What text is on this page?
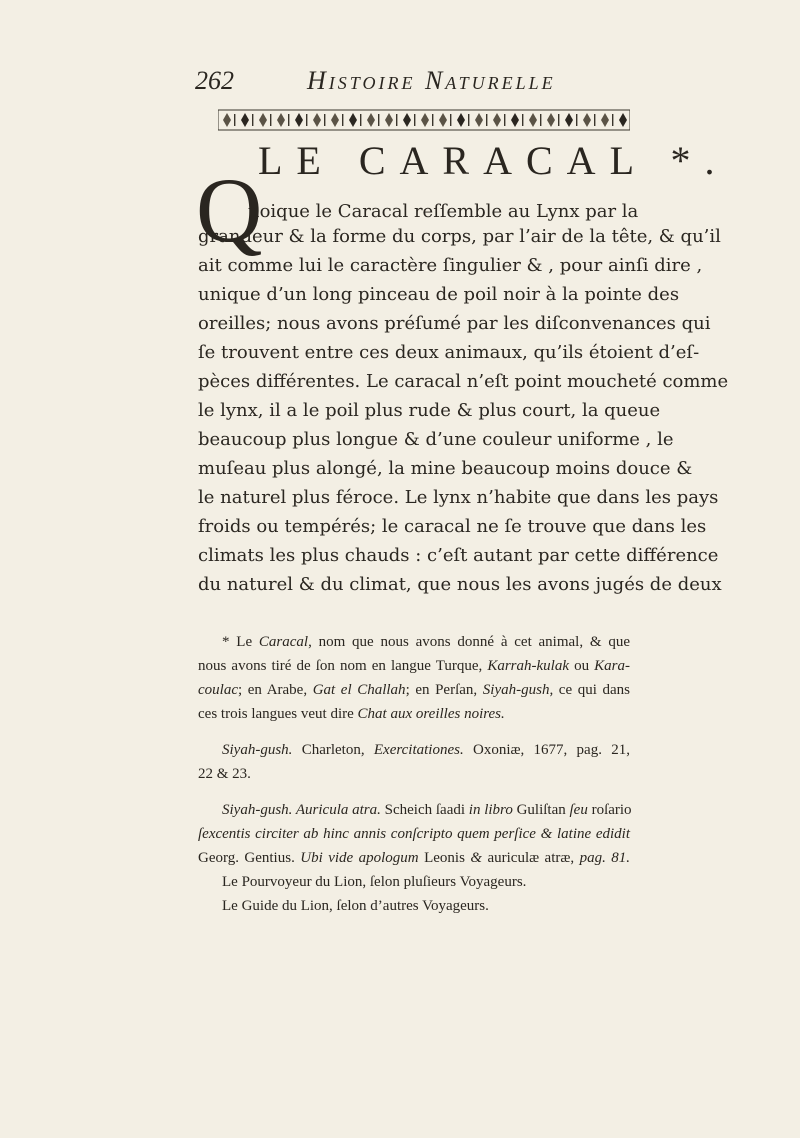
262	Histoire Naturelle
LE CARACAL *.
Q
uoique le Caracal reſſemble au Lynx par la
grandeur & la forme du corps, par l’air de la tête, & qu’il
ait comme lui le caractère ſingulier & , pour ainſi dire ,
unique d’un long pinceau de poil noir à la pointe des
oreilles; nous avons préſumé par les diſconvenances qui
ſe trouvent entre ces deux animaux, qu’ils étoient d’eſ-
pèces différentes. Le caracal n’eſt point moucheté comme
le lynx, il a le poil plus rude & plus court, la queue
beaucoup plus longue & d’une couleur uniforme , le
muſeau plus alongé, la mine beaucoup moins douce &
le naturel plus féroce. Le lynx n’habite que dans les pays
froids ou tempérés; le caracal ne ſe trouve que dans les
climats les plus chauds : c’eſt autant par cette différence
du naturel & du climat, que nous les avons jugés de deux
* Le Caracal, nom que nous avons donné à cet animal, & que
nous avons tiré de ſon nom en langue Turque, Karrah-kulak ou Kara-
coulac; en Arabe, Gat el Challah; en Perſan, Siyah-gush, ce qui dans
ces trois langues veut dire Chat aux oreilles noires.
Siyah-gush. Charleton, Exercitationes. Oxoniæ, 1677, pag. 21,
22 & 23.
Siyah-gush. Auricula atra. Scheich ſaadi in libro Guliſtan ſeu roſario
ſexcentis circiter ab hinc annis conſcripto quem perſice & latine edidit
Georg. Gentius. Ubi vide apologum Leonis & auriculæ atræ, pag. 81.
Le Pourvoyeur du Lion, ſelon pluſieurs Voyageurs.
Le Guide du Lion, ſelon d’autres Voyageurs.
